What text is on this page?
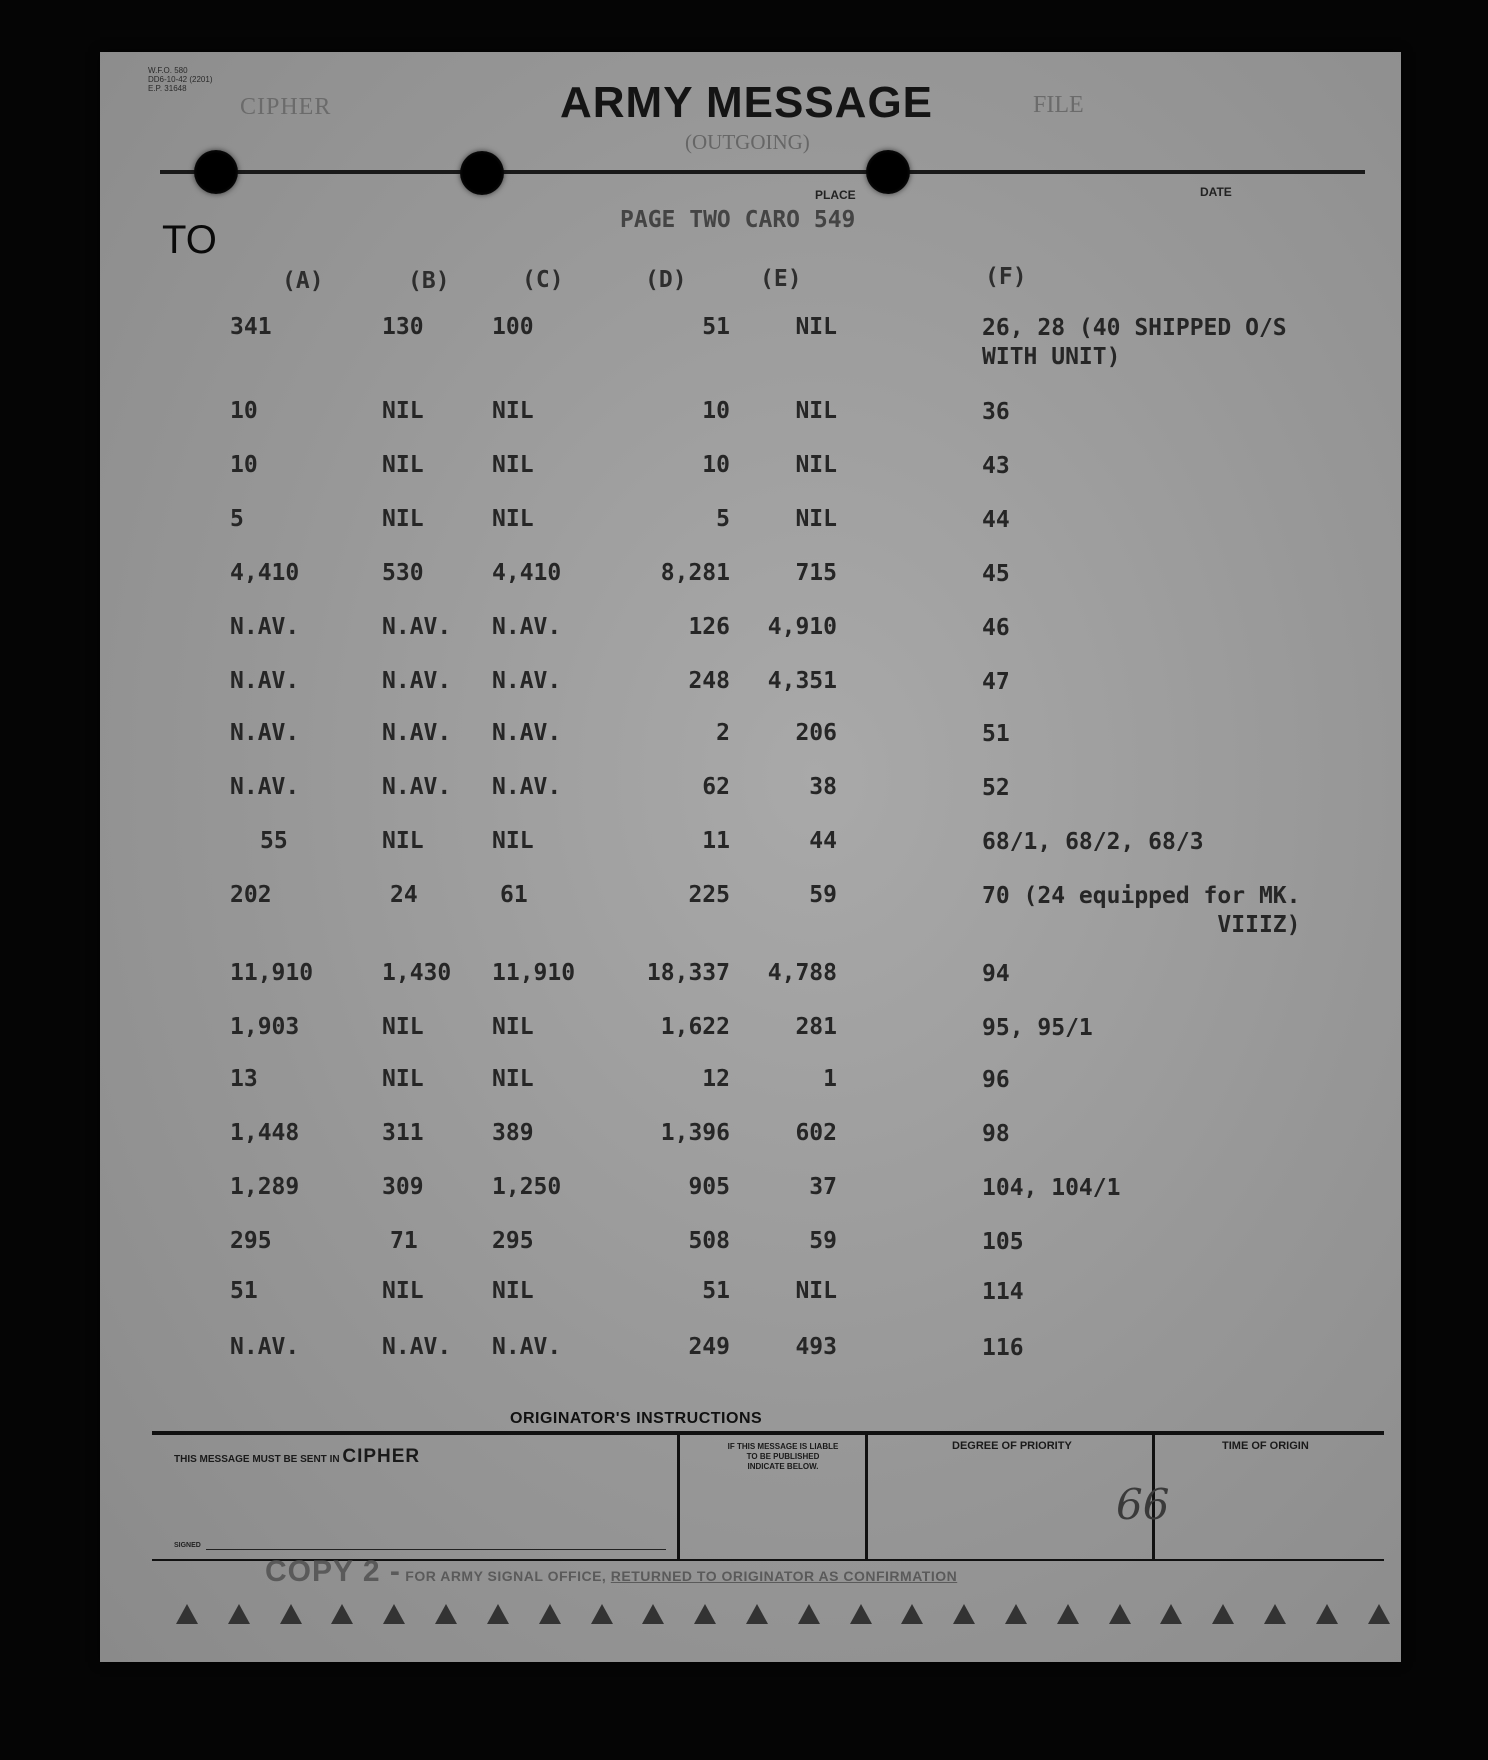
W.F.O. 580
DD6-10-42 (2201)
E.P. 31648
CIPHER	ARMY MESSAGE
(OUTGOING)
FILE
PLACE	DATE
TO	PAGE TWO CARO 549
(A)	(B)	(C)	(D)	(E)	(F)
341	130	100	51	NIL	26, 28 (40 SHIPPED O/S
WITH UNIT)
10	NIL	NIL	10	NIL	36
10	NIL	NIL	10	NIL	43
5	NIL	NIL	5	NIL	44
4,410	530	4,410	8,281	715	45
N.AV.	N.AV. N.AV.	126	4,910	46
N.AV.	N.AV. N.AV.	248	4,351	47
N.AV.	N.AV. N.AV.	2	206	51
N.AV.	N.AV. N.AV.	62	38	52
55	NIL	NIL	11	44	68/1, 68/2, 68/3
202	24	61	225	59	70 (24 equipped for MK.
VIIIZ)
11,910	1,430 11,910	18,337	4,788	94
1,903	NIL	NIL	1,622	281	95, 95/1
13	NIL	NIL	12	1	96
1,448	311	389	1,396	602	98
1,289	309	1,250	905	37	104, 104/1
295	71	295	508	59	105
51	NIL	NIL	51	NIL	114
N.AV.	N.AV. N.AV.	249	493	116
ORIGINATOR'S INSTRUCTIONS
THIS MESSAGE MUST BE SENT IN CIPHER	IF THIS MESSAGE IS LIABLE
TO BE PUBLISHED
INDICATE BELOW.
DEGREE OF PRIORITY
66
TIME OF ORIGIN
SIGNED
COPY 2 - FOR ARMY SIGNAL OFFICE, RETURNED TO ORIGINATOR AS CONFIRMATION
